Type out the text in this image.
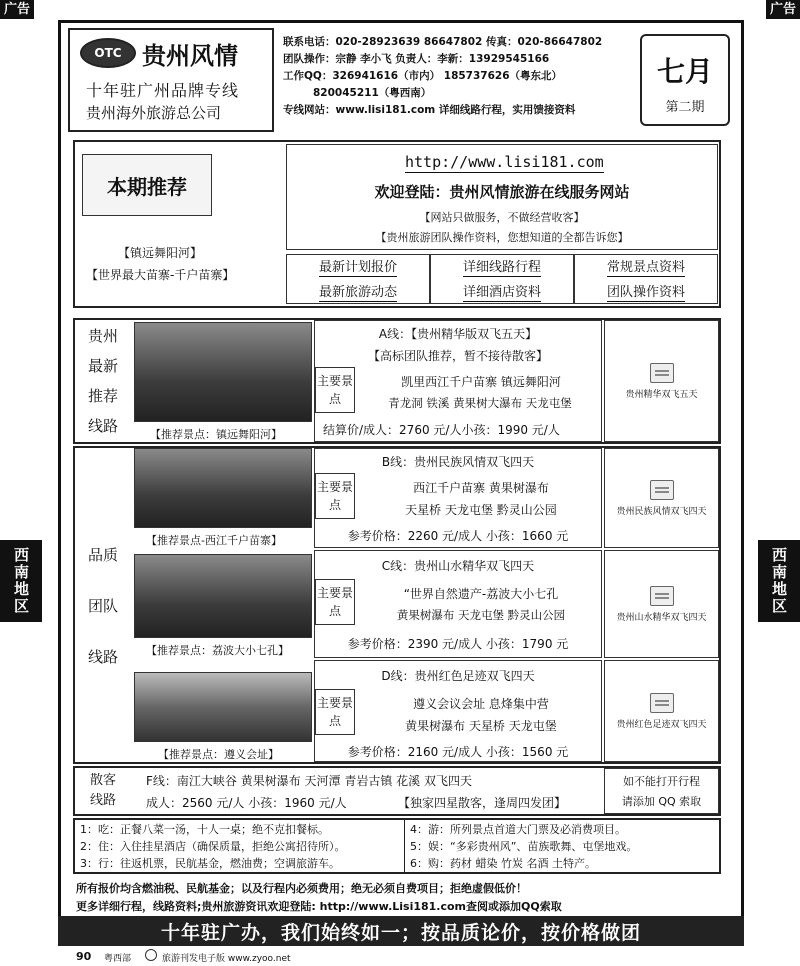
广告	广告
西南地区	西南地区
OTC 贵州风情
十年驻广州品牌专线
贵州海外旅游总公司
联系电话：020-28923639 86647802 传真：020-86647802
团队操作：宗静 李小飞 负责人：李新：13929545166
工作QQ：326941616（市内） 185737626（粤东北）
820045211（粤西南）
专线网站：www.lisi181.com 详细线路行程，实用馈接资料
七月
第二期
本期推荐
【镇远舞阳河】
【世界最大苗寨-千户苗寨】
http://www.lisi181.com
欢迎登陆：贵州风情旅游在线服务网站
【网站只做服务，不做经营收客】
【贵州旅游团队操作资料，您想知道的全都告诉您】
最新计划报价
最新旅游动态
详细线路行程
详细酒店资料
常规景点资料
团队操作资料
贵州
最新
推荐
线路	【推荐景点：镇远舞阳河】
A线：【贵州精华版双飞五天】
【高标团队推荐，暂不接待散客】
主要景点
凯里西江千户苗寨 镇远舞阳河
青龙洞 铁溪 黄果树大瀑布 天龙屯堡
结算价/成人：2760 元/人小孩：1990 元/人
贵州精华双飞五天
品质
团队
线路
【推荐景点-西江千户苗寨】
B线：贵州民族风情双飞四天
主要景点
西江千户苗寨 黄果树瀑布
天星桥 天龙屯堡 黔灵山公园
参考价格：2260 元/成人 小孩：1660 元
贵州民族风情双飞四天
【推荐景点：荔波大小七孔】
C线：贵州山水精华双飞四天
主要景点
“世界自然遗产-荔波大小七孔
黄果树瀑布 天龙屯堡 黔灵山公园
参考价格：2390 元/成人 小孩：1790 元
贵州山水精华双飞四天
【推荐景点：遵义会址】
D线：贵州红色足迹双飞四天
主要景点
遵义会议会址 息烽集中营
黄果树瀑布 天星桥 天龙屯堡
参考价格：2160 元/成人 小孩：1560 元
贵州红色足迹双飞四天
散客
线路
F线：南江大峡谷 黄果树瀑布 天河潭 青岩古镇 花溪 双飞四天
成人：2560 元/人 小孩：1960 元/人	【独家四星散客，逢周四发团】
如不能打开行程
请添加 QQ 索取
1：吃：正餐八菜一汤，十人一桌；绝不克扣餐标。
2：住：入住挂星酒店（确保质量，拒绝公寓招待所）。
3：行：往返机票，民航基金，燃油费；空调旅游车。
4：游：所列景点首道大门票及必消费项目。
5：娱：“多彩贵州风”、苗族歌舞、屯堡地戏。
6：购：药材 蜡染 竹炭 名酒 土特产。
所有报价均含燃油税、民航基金；以及行程内必须费用；绝无必须自费项目；拒绝虚假低价！
更多详细行程，线路资料;贵州旅游资讯欢迎登陆: http://www.Lisi181.com查阅或添加QQ索取
十年驻广办，我们始终如一；按品质论价，按价格做团
90 粤西部	旅游刊发电子版 www.zyoo.net
